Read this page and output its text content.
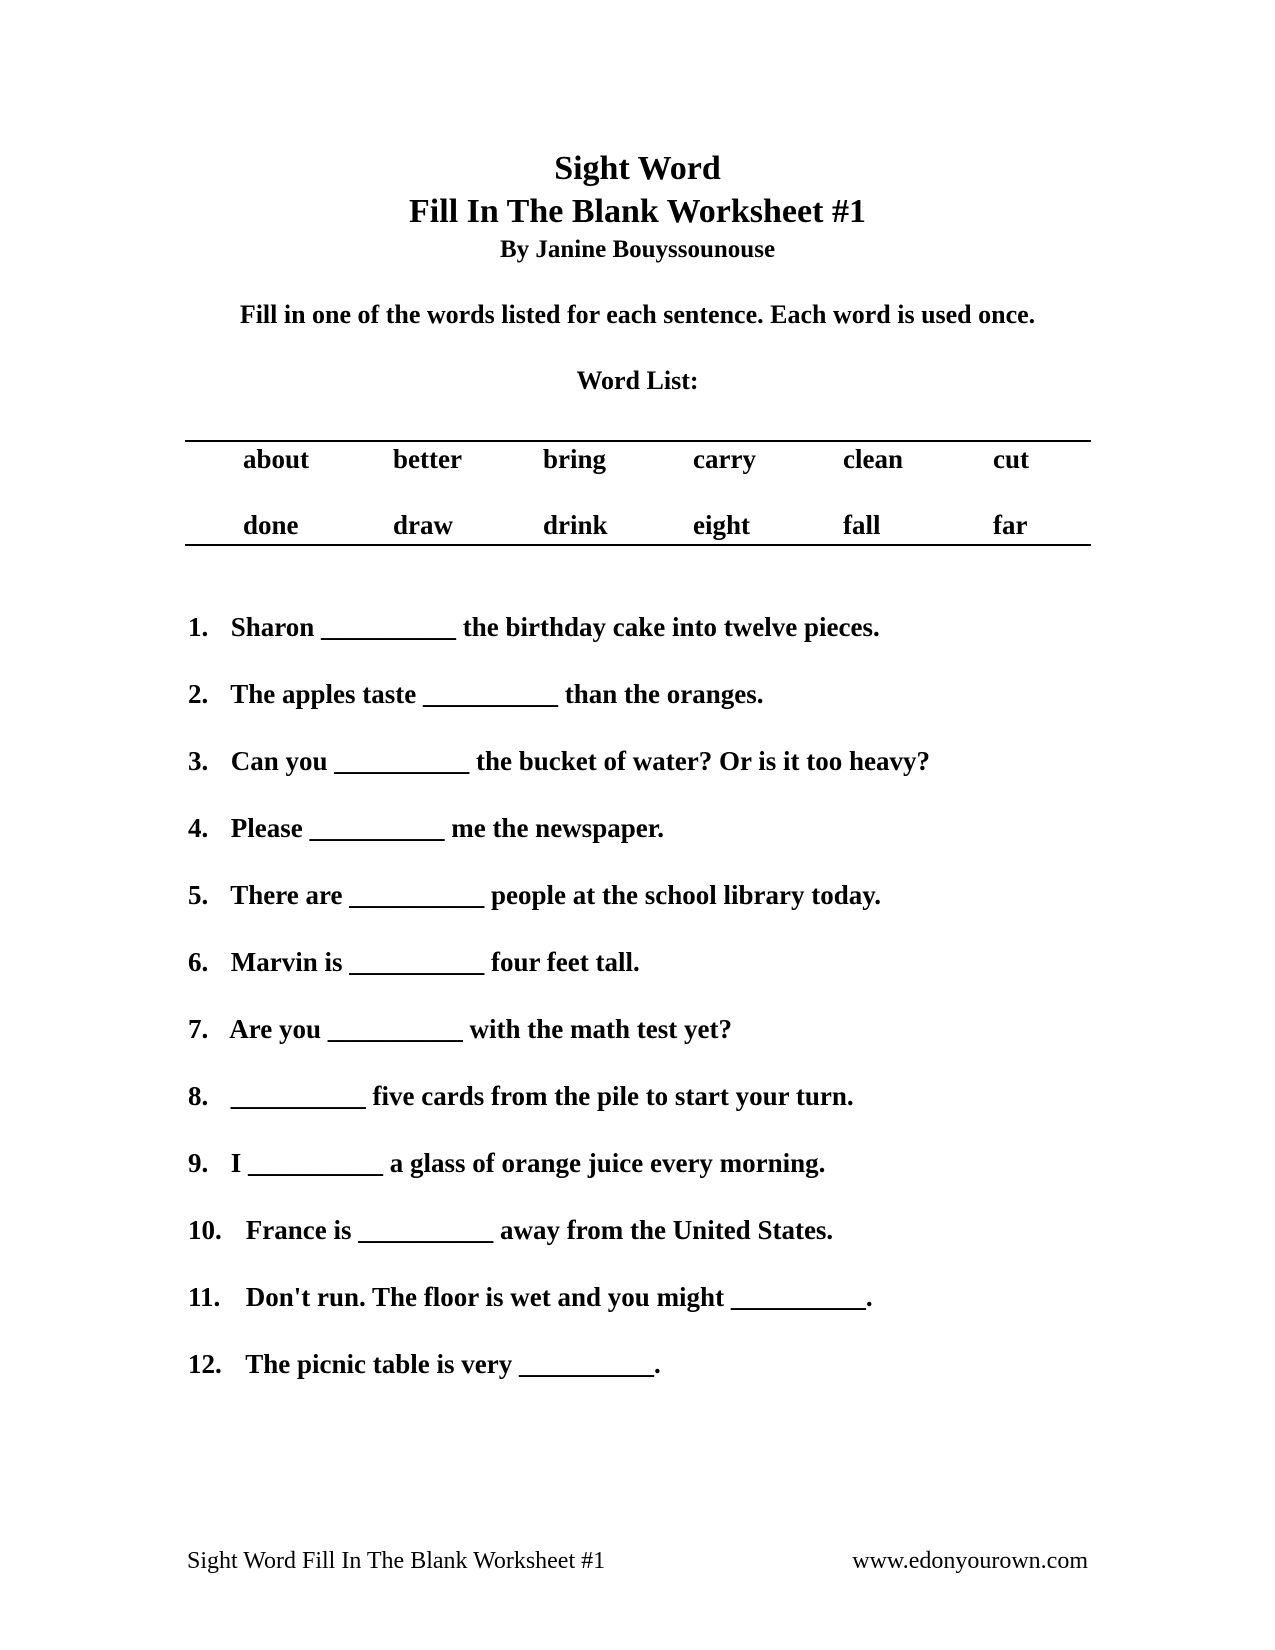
Sight Word
Fill In The Blank Worksheet #1
By Janine Bouyssounouse
Fill in one of the words listed for each sentence. Each word is used once.
Word List:
about	better	bring	carry	clean	cut
done	draw	drink	eight	fall	far
1. Sharon __________ the birthday cake into twelve pieces.
2. The apples taste __________ than the oranges.
3. Can you __________ the bucket of water? Or is it too heavy?
4. Please __________ me the newspaper.
5. There are __________ people at the school library today.
6. Marvin is __________ four feet tall.
7. Are you __________ with the math test yet?
8. __________ five cards from the pile to start your turn.
9. I __________ a glass of orange juice every morning.
10. France is __________ away from the United States.
11. Don't run. The floor is wet and you might __________.
12. The picnic table is very __________.
Sight Word Fill In The Blank Worksheet #1	www.edonyourown.com
